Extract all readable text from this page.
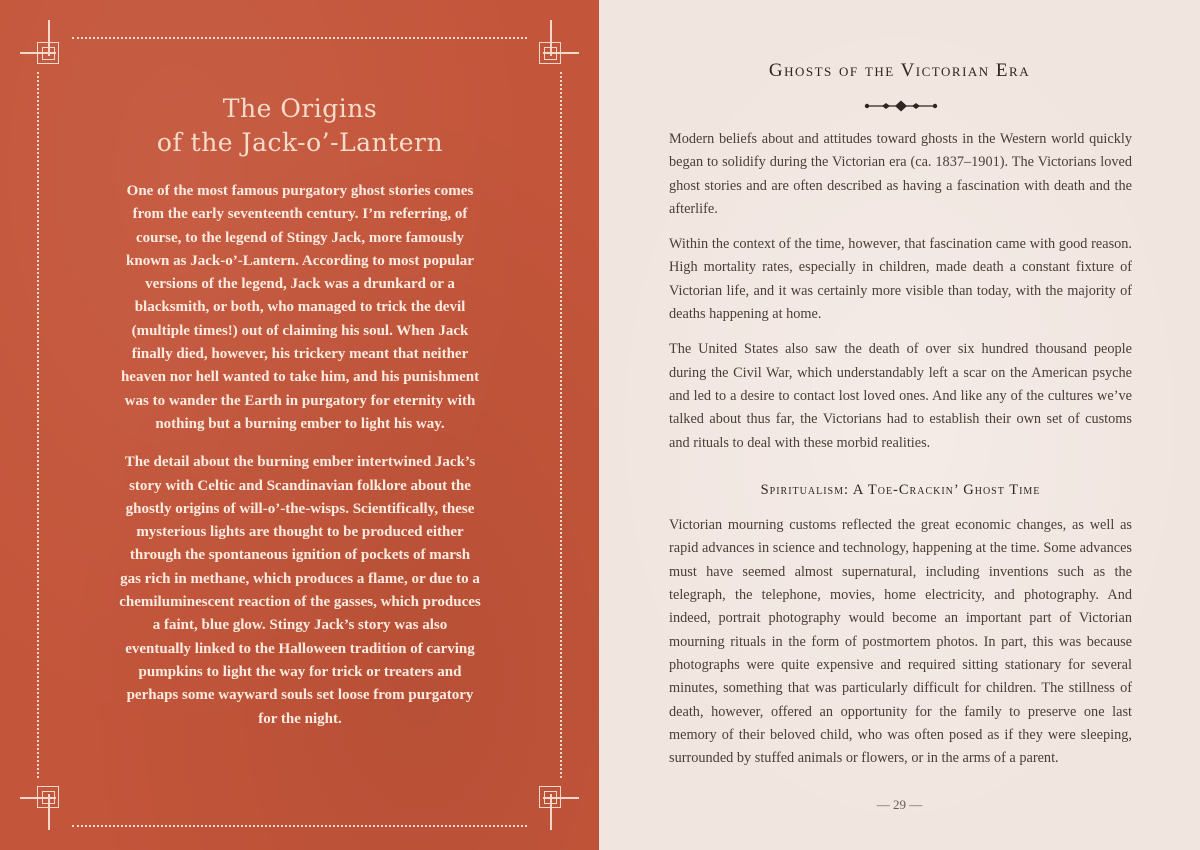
The Origins
of the Jack-o’-Lantern

One of the most famous purgatory ghost stories comes from the early seventeenth century. I’m referring, of course, to the legend of Stingy Jack, more famously known as Jack-o’-Lantern. According to most popular versions of the legend, Jack was a drunkard or a blacksmith, or both, who managed to trick the devil (multiple times!) out of claiming his soul. When Jack finally died, however, his trickery meant that neither heaven nor hell wanted to take him, and his punishment was to wander the Earth in purgatory for eternity with nothing but a burning ember to light his way.

The detail about the burning ember intertwined Jack’s story with Celtic and Scandinavian folklore about the ghostly origins of will-o’-the-wisps. Scientifically, these mysterious lights are thought to be produced either through the spontaneous ignition of pockets of marsh gas rich in methane, which produces a flame, or due to a chemiluminescent reaction of the gasses, which produces a faint, blue glow. Stingy Jack’s story was also eventually linked to the Halloween tradition of carving pumpkins to light the way for trick or treaters and perhaps some wayward souls set loose from purgatory for the night.

Ghosts of the Victorian Era

Modern beliefs about and attitudes toward ghosts in the Western world quickly began to solidify during the Victorian era (ca. 1837–1901). The Victorians loved ghost stories and are often described as having a fascination with death and the afterlife.

Within the context of the time, however, that fascination came with good reason. High mortality rates, especially in children, made death a constant fixture of Victorian life, and it was certainly more visible than today, with the majority of deaths happening at home.

The United States also saw the death of over six hundred thousand people during the Civil War, which understandably left a scar on the American psyche and led to a desire to contact lost loved ones. And like any of the cultures we’ve talked about thus far, the Victorians had to establish their own set of customs and rituals to deal with these morbid realities.

Spiritualism: A Toe-Crackin’ Ghost Time

Victorian mourning customs reflected the great economic changes, as well as rapid advances in science and technology, happening at the time. Some advances must have seemed almost supernatural, including inventions such as the telegraph, the telephone, movies, home electricity, and photography. And indeed, portrait photography would become an important part of Victorian mourning rituals in the form of postmortem photos. In part, this was because photographs were quite expensive and required sitting stationary for several minutes, something that was particularly difficult for children. The stillness of death, however, offered an opportunity for the family to preserve one last memory of their beloved child, who was often posed as if they were sleeping, surrounded by stuffed animals or flowers, or in the arms of a parent.

— 29 —
